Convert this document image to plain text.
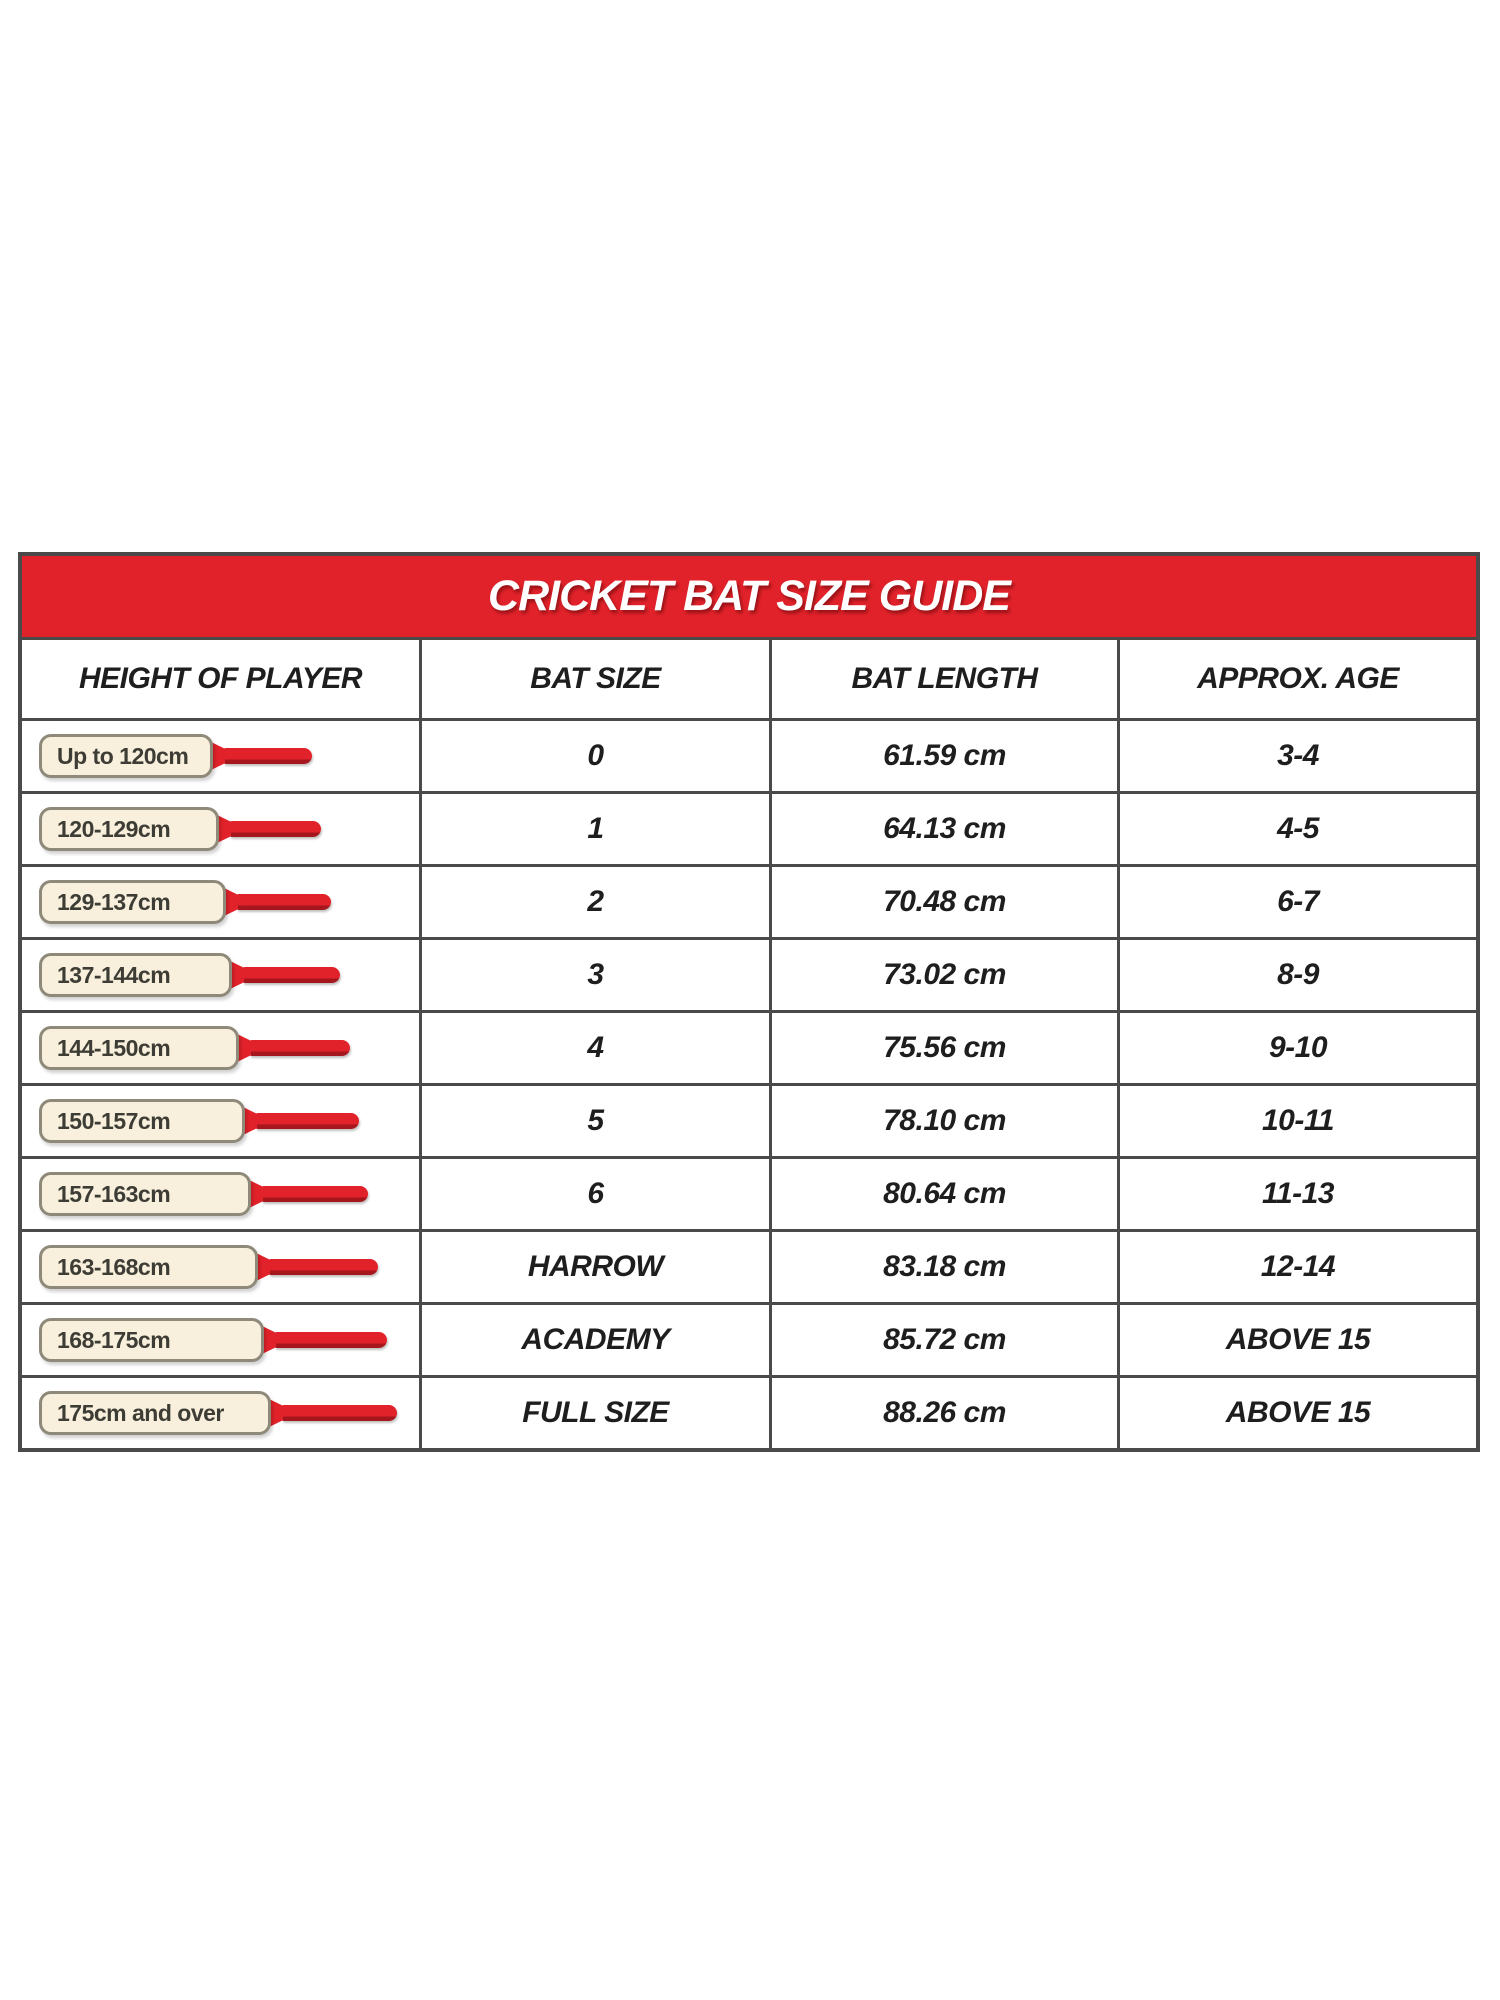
CRICKET BAT SIZE GUIDE
HEIGHT OF PLAYER	BAT SIZE	BAT LENGTH	APPROX. AGE
Up to 120cm	0	61.59 cm	3-4
120-129cm	1	64.13 cm	4-5
129-137cm	2	70.48 cm	6-7
137-144cm	3	73.02 cm	8-9
144-150cm	4	75.56 cm	9-10
150-157cm	5	78.10 cm	10-11
157-163cm	6	80.64 cm	11-13
163-168cm	HARROW	83.18 cm	12-14
168-175cm	ACADEMY	85.72 cm	ABOVE 15
175cm and over	FULL SIZE	88.26 cm	ABOVE 15
